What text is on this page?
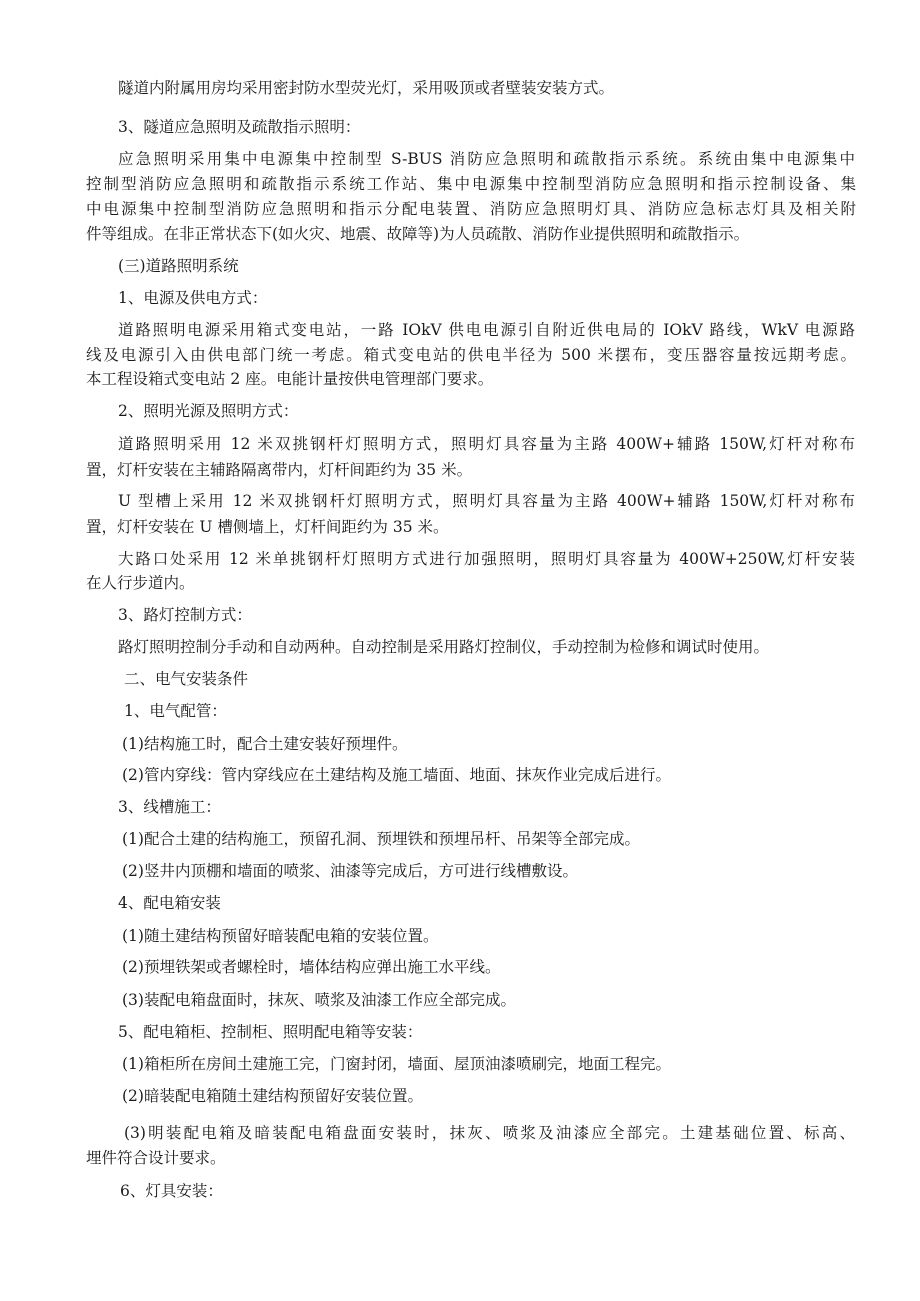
隧道内附属用房均采用密封防水型荧光灯，采用吸顶或者壁装安装方式。

3、隧道应急照明及疏散指示照明：

应急照明采用集中电源集中控制型 S-BUS 消防应急照明和疏散指示系统。系统由集中电源集中

控制型消防应急照明和疏散指示系统工作站、集中电源集中控制型消防应急照明和指示控制设备、集

中电源集中控制型消防应急照明和指示分配电装置、消防应急照明灯具、消防应急标志灯具及相关附

件等组成。在非正常状态下(如火灾、地震、故障等)为人员疏散、消防作业提供照明和疏散指示。

(三)道路照明系统

1、电源及供电方式：

道路照明电源采用箱式变电站，一路 IOkV 供电电源引自附近供电局的 IOkV 路线，WkV 电源路

线及电源引入由供电部门统一考虑。箱式变电站的供电半径为 500 米摆布，变压器容量按远期考虑。

本工程设箱式变电站 2 座。电能计量按供电管理部门要求。

2、照明光源及照明方式：

道路照明采用 12 米双挑钢杆灯照明方式，照明灯具容量为主路 400W+辅路 150W,灯杆对称布

置，灯杆安装在主辅路隔离带内，灯杆间距约为 35 米。

U 型槽上采用 12 米双挑钢杆灯照明方式，照明灯具容量为主路 400W+辅路 150W,灯杆对称布

置，灯杆安装在 U 槽侧墙上，灯杆间距约为 35 米。

大路口处采用 12 米单挑钢杆灯照明方式进行加强照明，照明灯具容量为 400W+250W,灯杆安装

在人行步道内。

3、路灯控制方式：

路灯照明控制分手动和自动两种。自动控制是采用路灯控制仪，手动控制为检修和调试时使用。

二、电气安装条件

1、电气配管：

(1)结构施工时，配合土建安装好预埋件。

(2)管内穿线：管内穿线应在土建结构及施工墙面、地面、抹灰作业完成后进行。

3、线槽施工：

(1)配合土建的结构施工，预留孔洞、预埋铁和预埋吊杆、吊架等全部完成。

(2)竖井内顶棚和墙面的喷浆、油漆等完成后，方可进行线槽敷设。

4、配电箱安装

(1)随土建结构预留好暗装配电箱的安装位置。

(2)预埋铁架或者螺栓时，墙体结构应弹出施工水平线。

(3)装配电箱盘面时，抹灰、喷浆及油漆工作应全部完成。

5、配电箱柜、控制柜、照明配电箱等安装：

(1)箱柜所在房间土建施工完，门窗封闭，墙面、屋顶油漆喷刷完，地面工程完。

(2)暗装配电箱随土建结构预留好安装位置。

(3)明装配电箱及暗装配电箱盘面安装时，抹灰、喷浆及油漆应全部完。土建基础位置、标高、

埋件符合设计要求。

6、灯具安装：
